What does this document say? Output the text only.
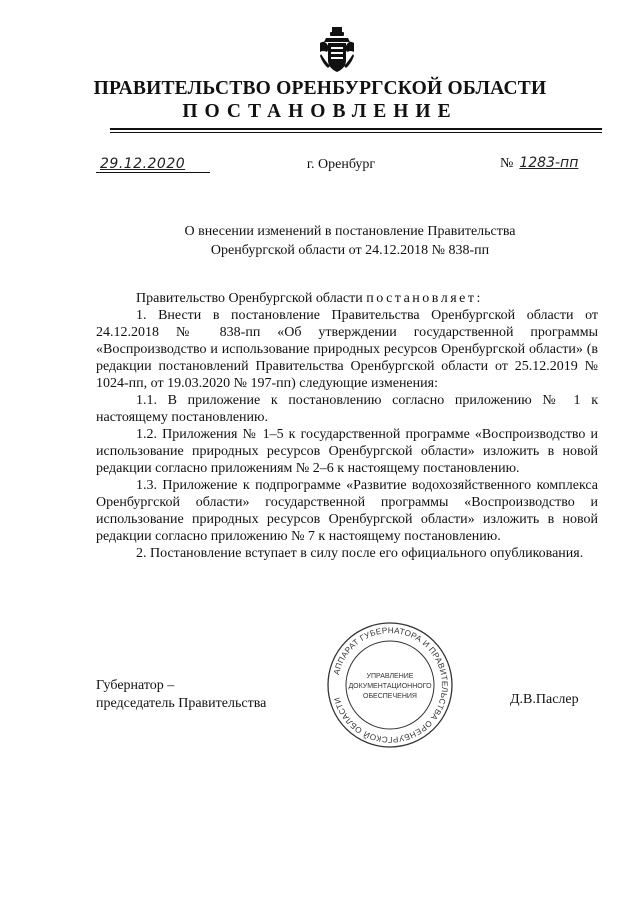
ПРАВИТЕЛЬСТВО ОРЕНБУРГСКОЙ ОБЛАСТИ
ПОСТАНОВЛЕНИЕ
29.12.2020	г. Оренбург	№ 1283-пп
О внесении изменений в постановление Правительства
Оренбургской области от 24.12.2018 № 838-пп

Правительство Оренбургской области постановляет:

1. Внести в постановление Правительства Оренбургской области от 24.12.2018 № 838-пп «Об утверждении государственной программы «Воспроизводство и использование природных ресурсов Оренбургской области» (в редакции постановлений Правительства Оренбургской области от 25.12.2019 № 1024-пп, от 19.03.2020 № 197-пп) следующие изменения:

1.1. В приложение к постановлению согласно приложению № 1 к настоящему постановлению.

1.2. Приложения № 1–5 к государственной программе «Воспроизводство и использование природных ресурсов Оренбургской области» изложить в новой редакции согласно приложениям № 2–6 к настоящему постановлению.

1.3. Приложение к подпрограмме «Развитие водохозяйственного комплекса Оренбургской области» государственной программы «Воспроизводство и использование природных ресурсов Оренбургской области» изложить в новой редакции согласно приложению № 7 к настоящему постановлению.

2. Постановление вступает в силу после его официального опубликования.

Губернатор –
председатель Правительства	Д.В.Паслер
АППАРАТ ГУБЕРНАТОРА И ПРАВИТЕЛЬСТВА ОРЕНБУРГСКОЙ ОБЛАСТИ
УПРАВЛЕНИЕ
ДОКУМЕНТАЦИОННОГО
ОБЕСПЕЧЕНИЯ
